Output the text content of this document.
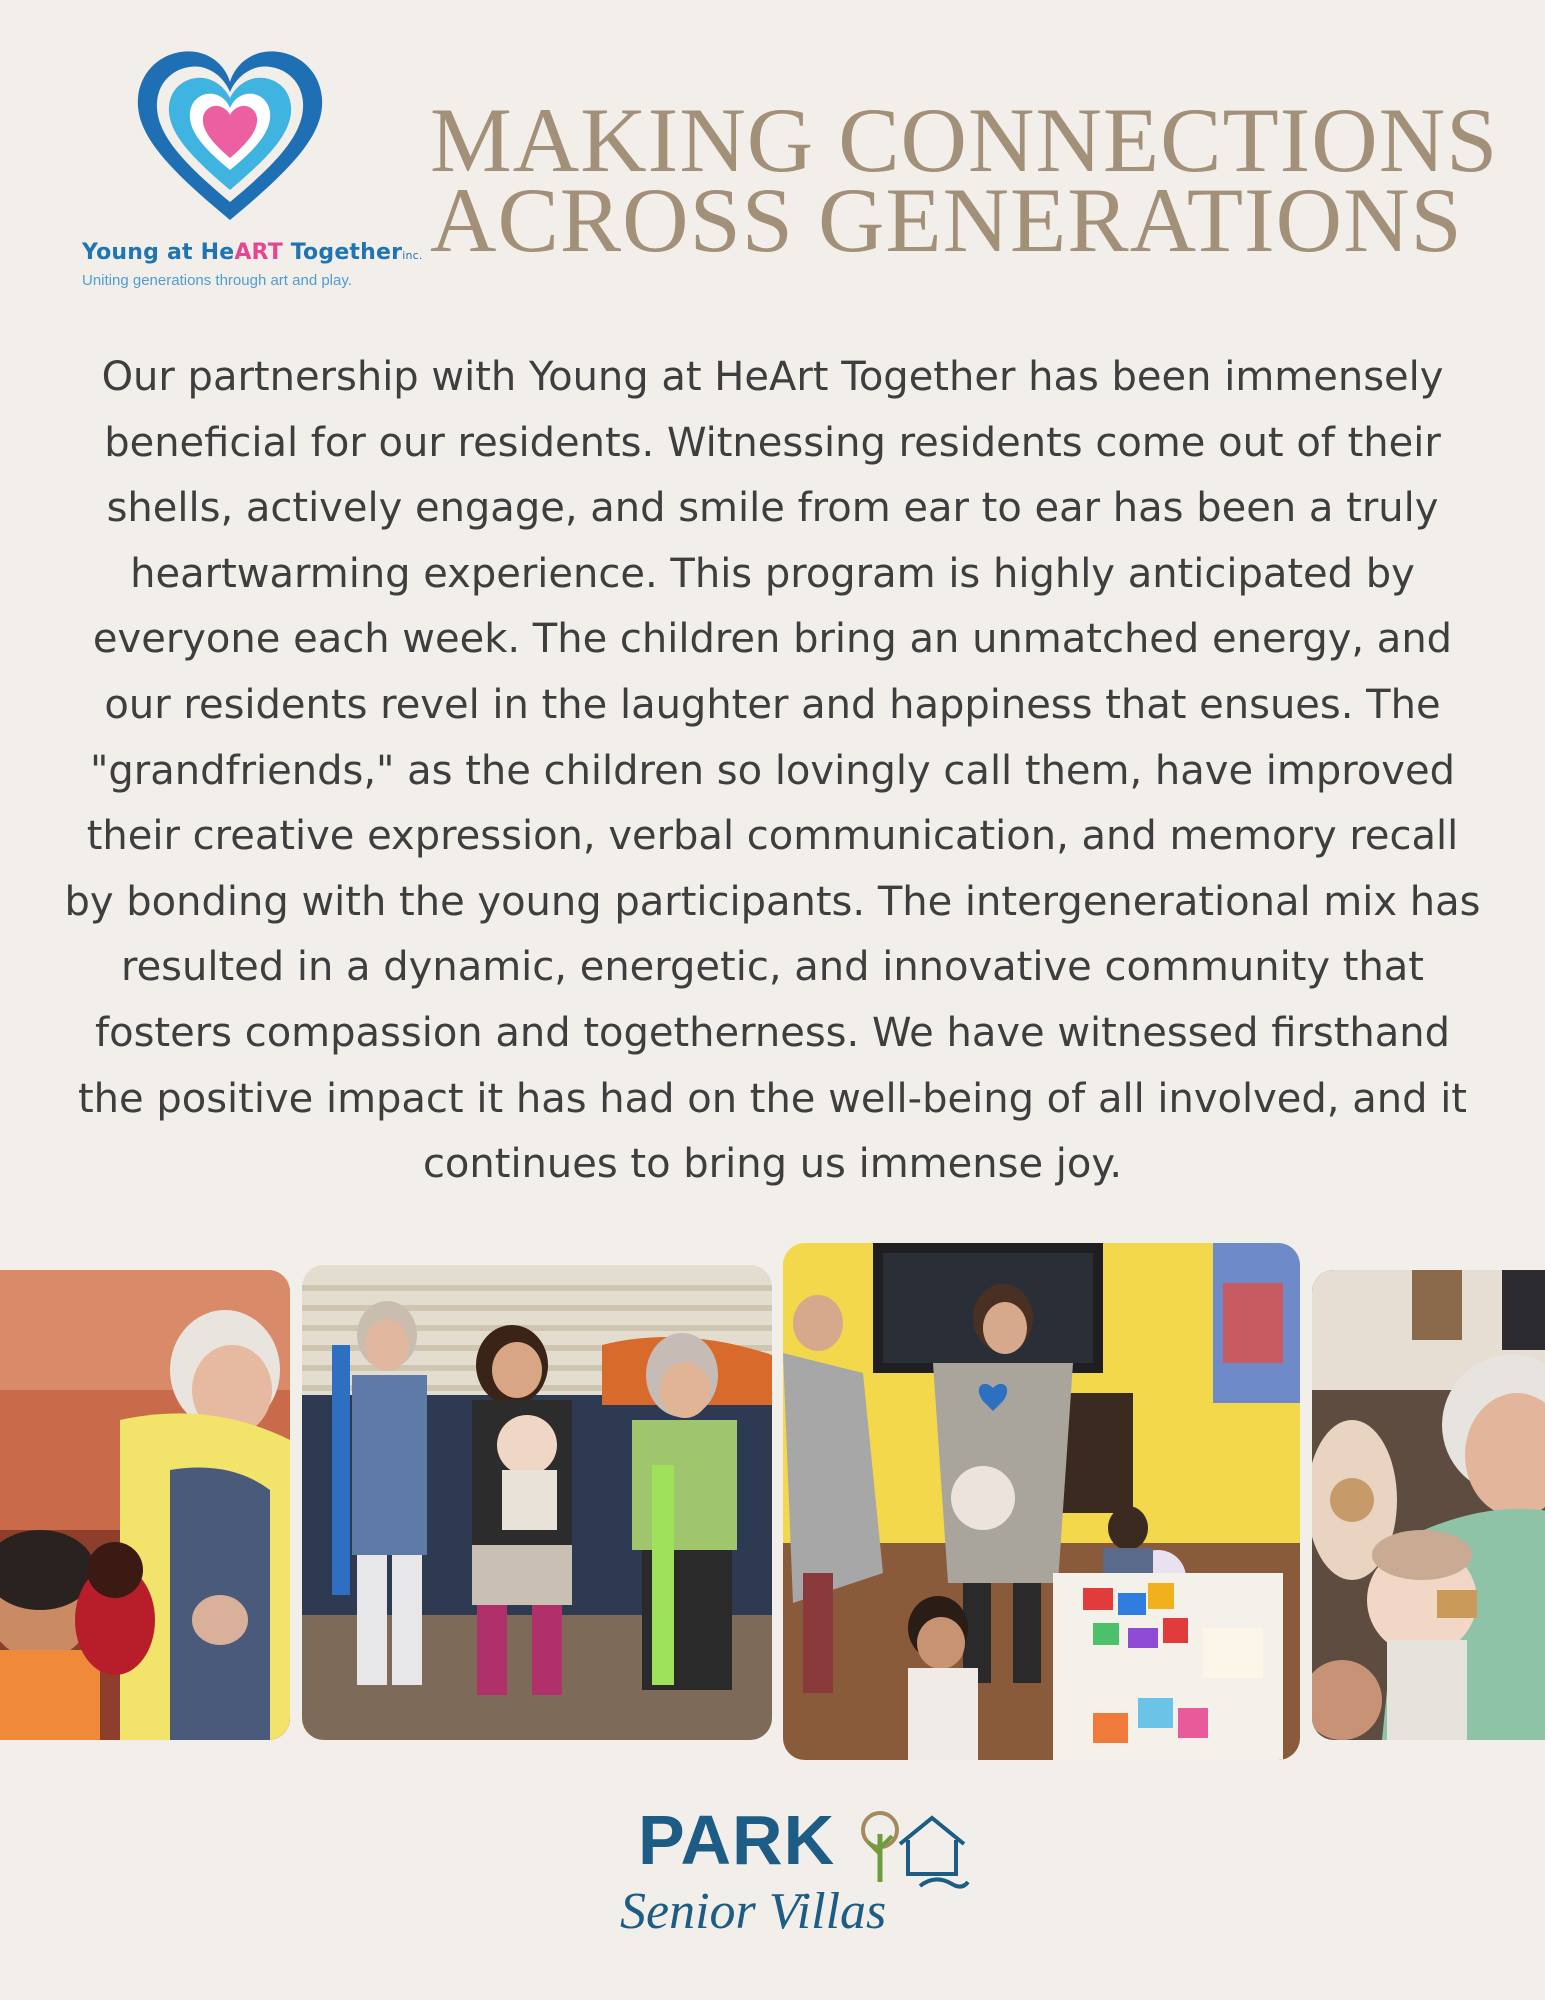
Young at HeART Togetherinc.
Uniting generations through art and play.
MAKING CONNECTIONS
ACROSS GENERATIONS
Our partnership with Young at HeArt Together has been immensely beneficial for our residents. Witnessing residents come out of their shells, actively engage, and smile from ear to ear has been a truly heartwarming experience. This program is highly anticipated by everyone each week. The children bring an unmatched energy, and our residents revel in the laughter and happiness that ensues. The "grandfriends," as the children so lovingly call them, have improved their creative expression, verbal communication, and memory recall by bonding with the young participants. The intergenerational mix has resulted in a dynamic, energetic, and innovative community that fosters compassion and togetherness. We have witnessed firsthand the positive impact it has had on the well-being of all involved, and it continues to bring us immense joy.
PARK
Senior Villas
